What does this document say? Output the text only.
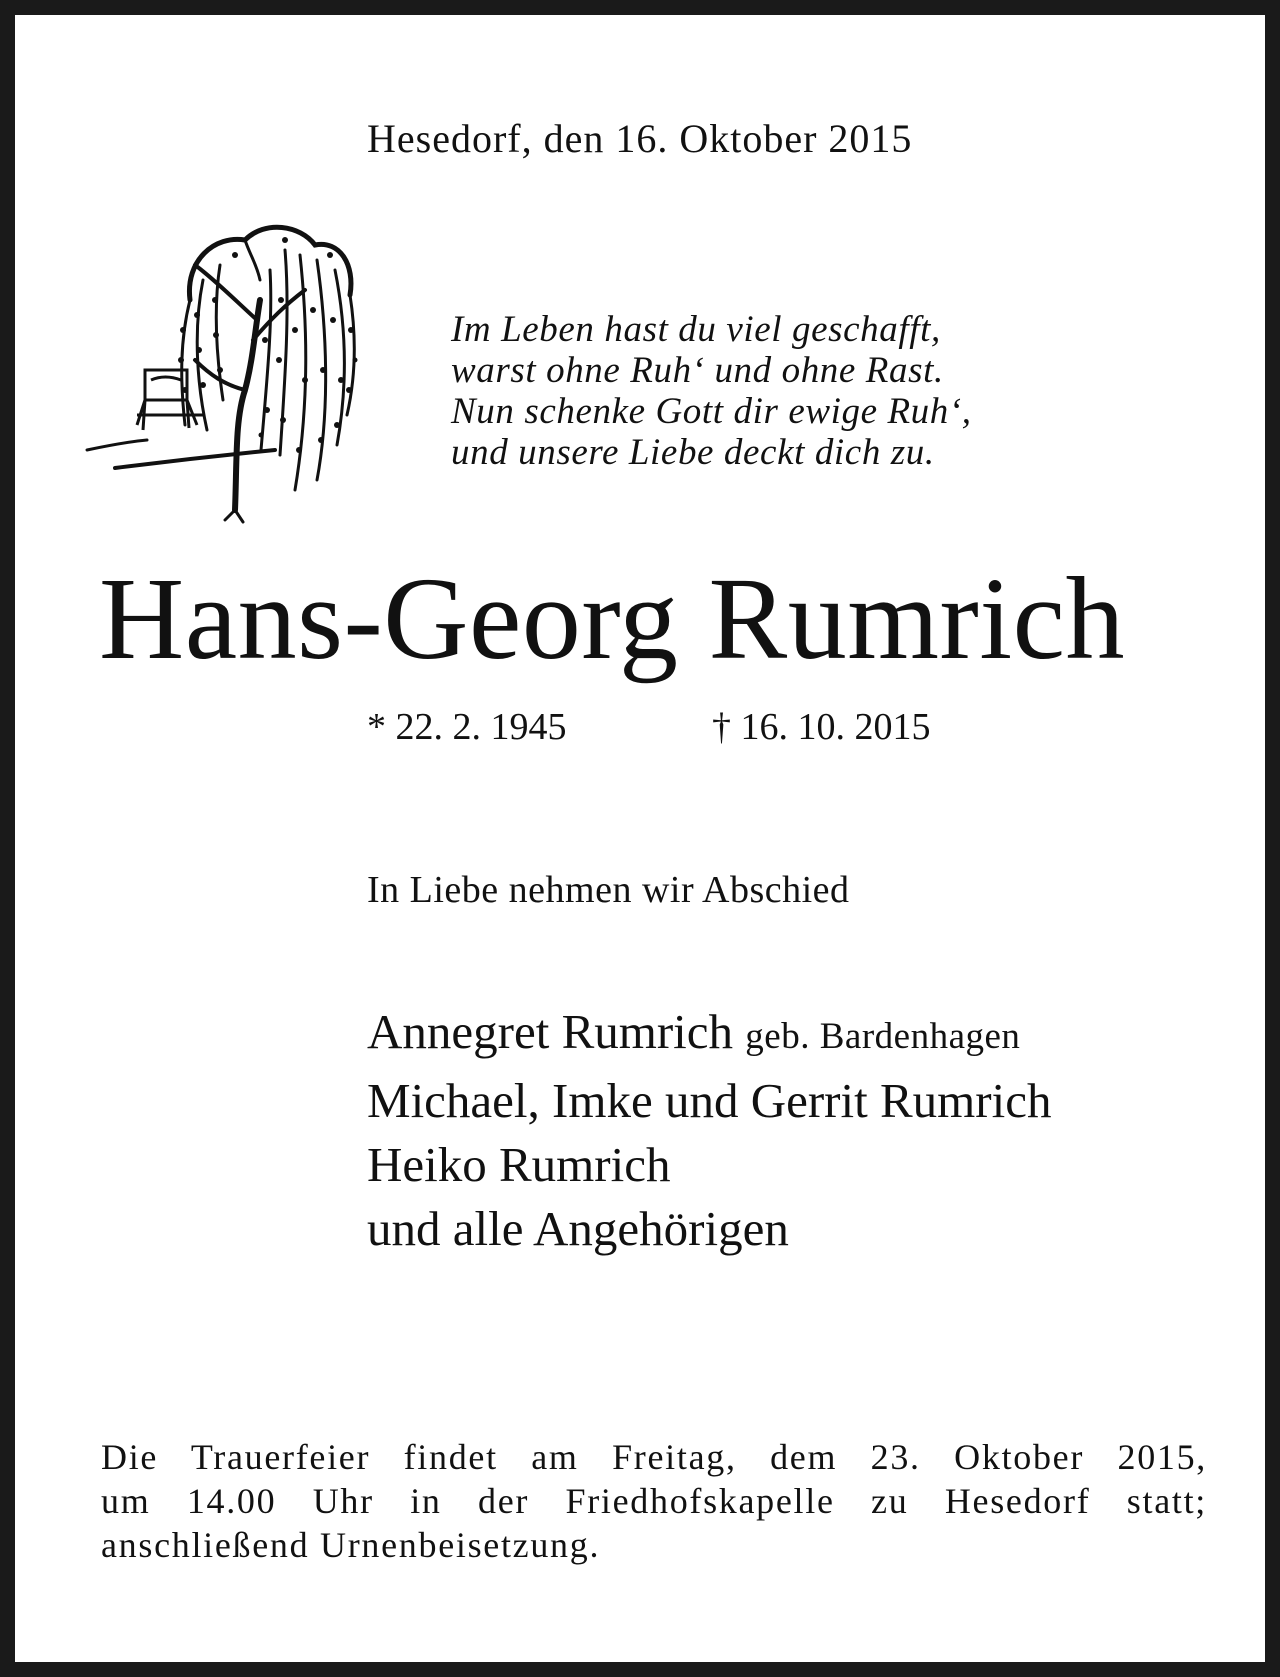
Hesedorf, den 16. Oktober 2015

Im Leben hast du viel geschafft,
warst ohne Ruh‘ und ohne Rast.
Nun schenke Gott dir ewige Ruh‘,
und unsere Liebe deckt dich zu.
Hans-Georg Rumrich

* 22. 2. 1945	† 16. 10. 2015

In Liebe nehmen wir Abschied

Annegret Rumrich geb. Bardenhagen
Michael, Imke und Gerrit Rumrich
Heiko Rumrich
und alle Angehörigen
Die Trauerfeier findet am Freitag, dem 23. Oktober 2015,
um 14.00 Uhr in der Friedhofskapelle zu Hesedorf statt;
anschließend Urnenbeisetzung.
